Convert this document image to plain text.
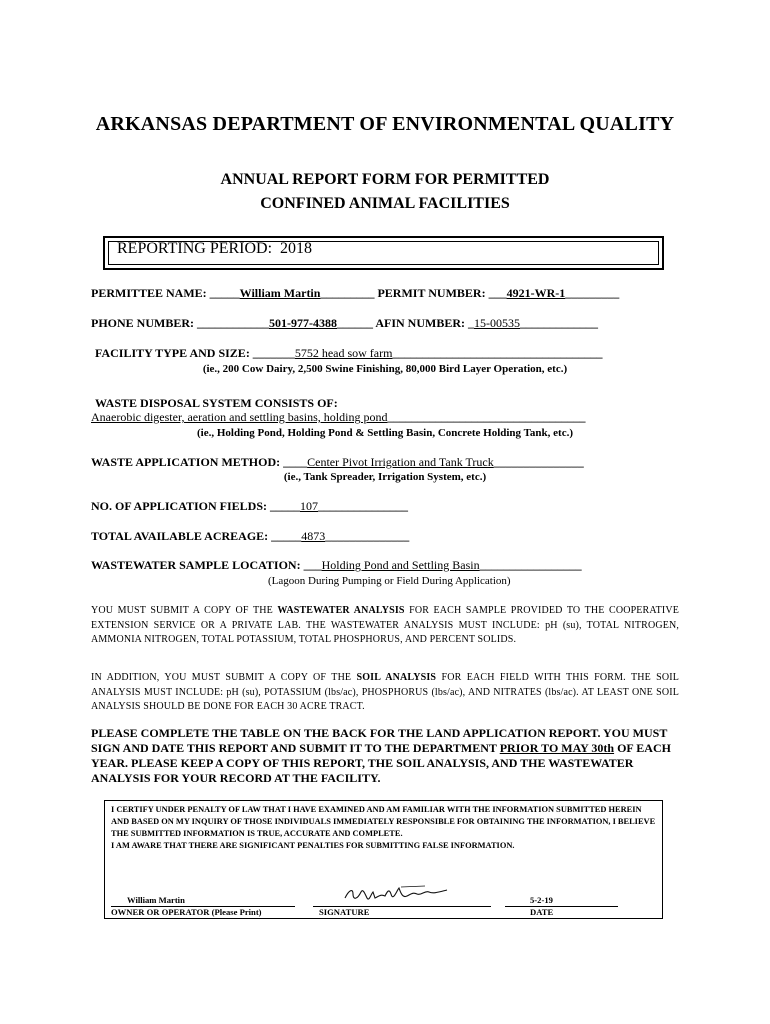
ARKANSAS DEPARTMENT OF ENVIRONMENTAL QUALITY
ANNUAL REPORT FORM FOR PERMITTED
CONFINED ANIMAL FACILITIES
REPORTING PERIOD: 2018
PERMITTEE NAME: _____William Martin_________ PERMIT NUMBER: ___4921-WR-1_________
PHONE NUMBER: ____________501-977-4388______ AFIN NUMBER: _15-00535_____________
FACILITY TYPE AND SIZE: _______5752 head sow farm___________________________________
(ie., 200 Cow Dairy, 2,500 Swine Finishing, 80,000 Bird Layer Operation, etc.)
WASTE DISPOSAL SYSTEM CONSISTS OF:
Anaerobic digester, aeration and settling basins, holding pond_________________________________
(ie., Holding Pond, Holding Pond & Settling Basin, Concrete Holding Tank, etc.)
WASTE APPLICATION METHOD: ____Center Pivot Irrigation and Tank Truck_______________
(ie., Tank Spreader, Irrigation System, etc.)
NO. OF APPLICATION FIELDS: _____107_______________
TOTAL AVAILABLE ACREAGE: _____4873______________
WASTEWATER SAMPLE LOCATION: ___Holding Pond and Settling Basin_________________
(Lagoon During Pumping or Field During Application)
YOU MUST SUBMIT A COPY OF THE WASTEWATER ANALYSIS FOR EACH SAMPLE PROVIDED TO THE COOPERATIVE EXTENSION SERVICE OR A PRIVATE LAB. THE WASTEWATER ANALYSIS MUST INCLUDE: pH (su), TOTAL NITROGEN, AMMONIA NITROGEN, TOTAL POTASSIUM, TOTAL PHOSPHORUS, AND PERCENT SOLIDS.
IN ADDITION, YOU MUST SUBMIT A COPY OF THE SOIL ANALYSIS FOR EACH FIELD WITH THIS FORM. THE SOIL ANALYSIS MUST INCLUDE: pH (su), POTASSIUM (lbs/ac), PHOSPHORUS (lbs/ac), AND NITRATES (lbs/ac). AT LEAST ONE SOIL ANALYSIS SHOULD BE DONE FOR EACH 30 ACRE TRACT.
PLEASE COMPLETE THE TABLE ON THE BACK FOR THE LAND APPLICATION REPORT. YOU MUST SIGN AND DATE THIS REPORT AND SUBMIT IT TO THE DEPARTMENT PRIOR TO MAY 30th OF EACH YEAR. PLEASE KEEP A COPY OF THIS REPORT, THE SOIL ANALYSIS, AND THE WASTEWATER ANALYSIS FOR YOUR RECORD AT THE FACILITY.
I CERTIFY UNDER PENALTY OF LAW THAT I HAVE EXAMINED AND AM FAMILIAR WITH THE INFORMATION SUBMITTED HEREIN AND BASED ON MY INQUIRY OF THOSE INDIVIDUALS IMMEDIATELY RESPONSIBLE FOR OBTAINING THE INFORMATION, I BELIEVE THE SUBMITTED INFORMATION IS TRUE, ACCURATE AND COMPLETE.
I AM AWARE THAT THERE ARE SIGNIFICANT PENALTIES FOR SUBMITTING FALSE INFORMATION.
William Martin
OWNER OR OPERATOR (Please Print)	SIGNATURE
5-2-19
DATE
